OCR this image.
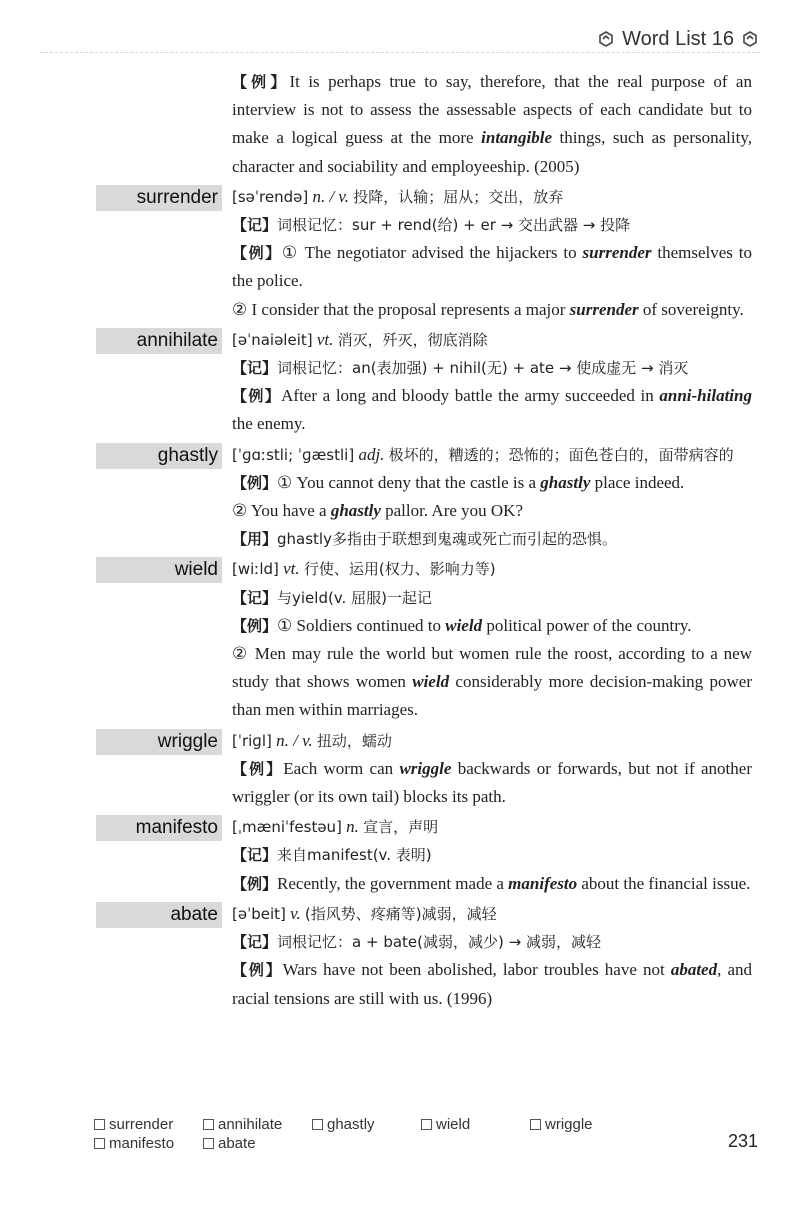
Word List 16
【例】It is perhaps true to say, therefore, that the real purpose of an interview is not to assess the assessable aspects of each candidate but to make a logical guess at the more intangible things, such as personality, character and sociability and employeeship. (2005)
surrender [səˈrendə] n. / v. 投降，认输；屈从；交出，放弃
【记】词根记忆：sur + rend(给) + er → 交出武器 → 投降
【例】① The negotiator advised the hijackers to surrender themselves to the police.
② I consider that the proposal represents a major surrender of sovereignty.
annihilate [əˈnaiəleit] vt. 消灭，歼灭，彻底消除
【记】词根记忆：an(表加强) + nihil(无) + ate → 使成虚无 → 消灭
【例】After a long and bloody battle the army succeeded in anni-hilating the enemy.
ghastly [ˈɡɑːstli; ˈɡæstli] adj. 极坏的，糟透的；恐怖的；面色苍白的，面带病容的
【例】① You cannot deny that the castle is a ghastly place indeed.
② You have a ghastly pallor. Are you OK?
【用】ghastly多指由于联想到鬼魂或死亡而引起的恐惧。
wield [wiːld] vt. 行使、运用(权力、影响力等)
【记】与yield(v. 屈服)一起记
【例】① Soldiers continued to wield political power of the country.
② Men may rule the world but women rule the roost, according to a new study that shows women wield considerably more decision-making power than men within marriages.
wriggle [ˈriɡl] n. / v. 扭动，蠕动
【例】Each worm can wriggle backwards or forwards, but not if another wriggler (or its own tail) blocks its path.
manifesto [ˌmæniˈfestəu] n. 宣言，声明
【记】来自manifest(v. 表明)
【例】Recently, the government made a manifesto about the financial issue.
abate [əˈbeit] v. (指风势、疼痛等)减弱，减轻
【记】词根记忆：a + bate(减弱，减少) → 减弱，减轻
【例】Wars have not been abolished, labor troubles have not abated, and racial tensions are still with us. (1996)
surrender	annihilate	ghastly	wield	wriggle
manifesto	abate	231
